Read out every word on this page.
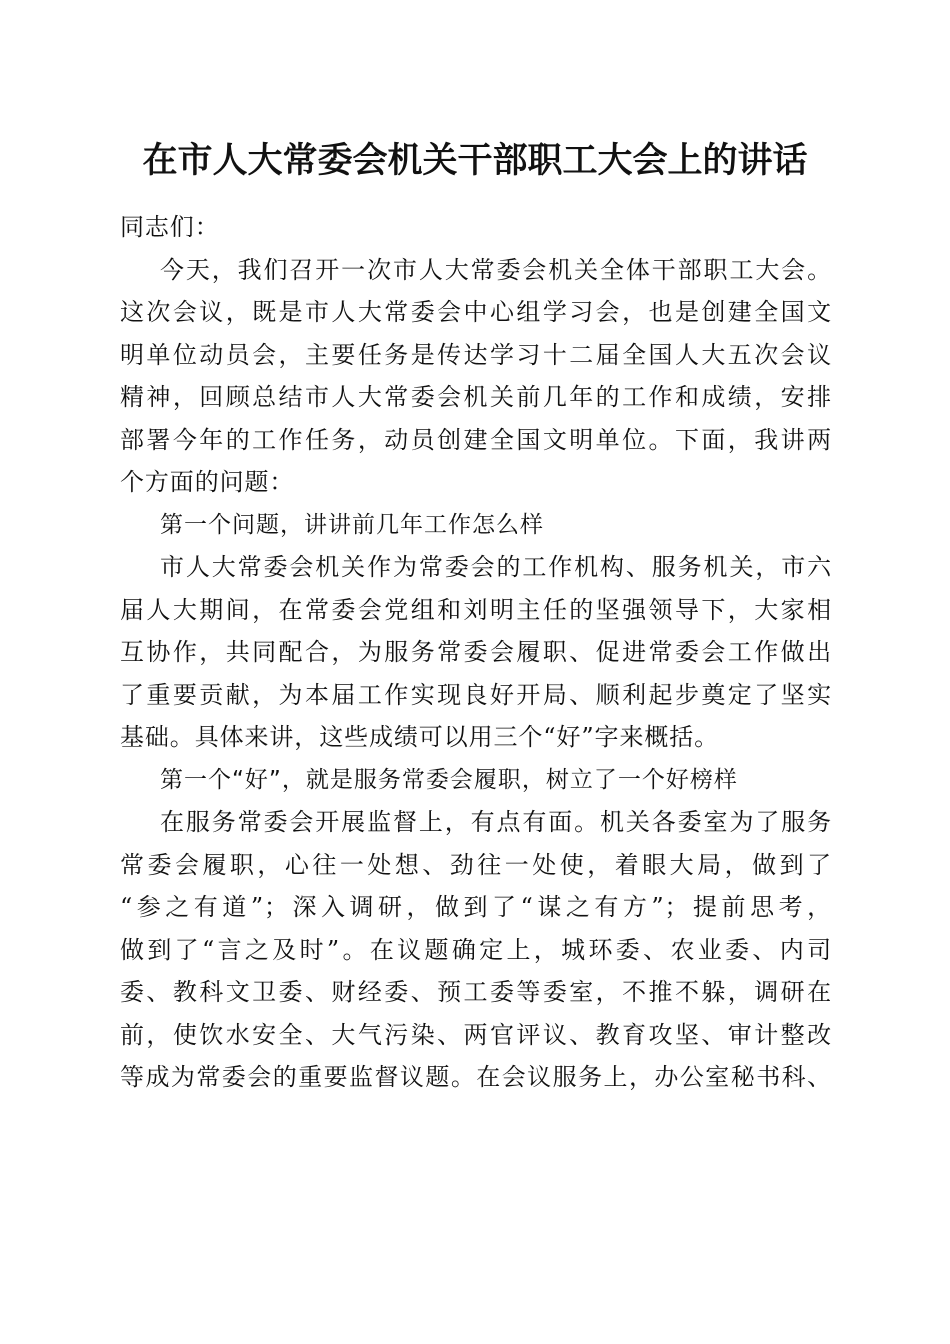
在市人大常委会机关干部职工大会上的讲话
同志们：
今天，我们召开一次市人大常委会机关全体干部职工大会。
这次会议，既是市人大常委会中心组学习会，也是创建全国文
明单位动员会，主要任务是传达学习十二届全国人大五次会议
精神，回顾总结市人大常委会机关前几年的工作和成绩，安排
部署今年的工作任务，动员创建全国文明单位。下面，我讲两
个方面的问题：
第一个问题，讲讲前几年工作怎么样
市人大常委会机关作为常委会的工作机构、服务机关，市六
届人大期间，在常委会党组和刘明主任的坚强领导下，大家相
互协作，共同配合，为服务常委会履职、促进常委会工作做出
了重要贡献，为本届工作实现良好开局、顺利起步奠定了坚实
基础。具体来讲，这些成绩可以用三个“好”字来概括。
第一个“好”，就是服务常委会履职，树立了一个好榜样
在服务常委会开展监督上，有点有面。机关各委室为了服务
常委会履职，心往一处想、劲往一处使，着眼大局，做到了
“参之有道”；深入调研，做到了“谋之有方”；提前思考，
做到了“言之及时”。在议题确定上，城环委、农业委、内司
委、教科文卫委、财经委、预工委等委室，不推不躲，调研在
前，使饮水安全、大气污染、两官评议、教育攻坚、审计整改
等成为常委会的重要监督议题。在会议服务上，办公室秘书科、
